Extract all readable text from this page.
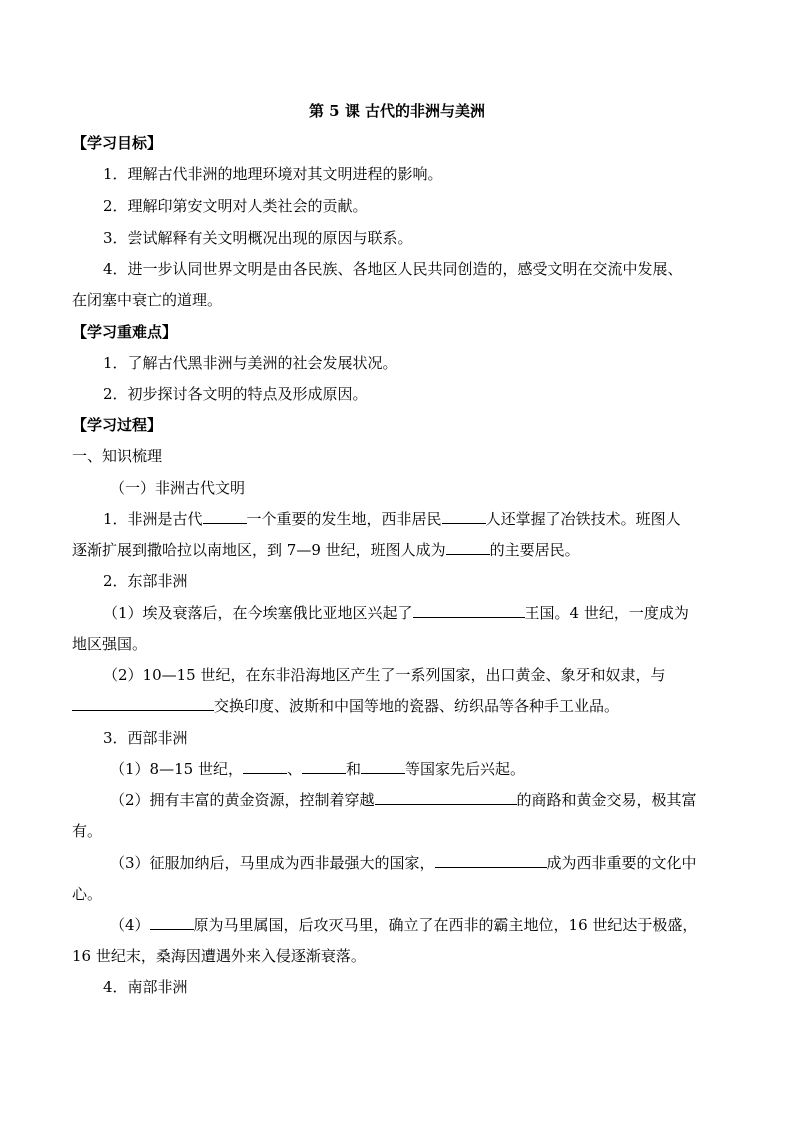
第 5 课 古代的非洲与美洲
【学习目标】
1．理解古代非洲的地理环境对其文明进程的影响。
2．理解印第安文明对人类社会的贡献。
3．尝试解释有关文明概况出现的原因与联系。
4．进一步认同世界文明是由各民族、各地区人民共同创造的，感受文明在交流中发展、
在闭塞中衰亡的道理。
【学习重难点】
1．了解古代黑非洲与美洲的社会发展状况。
2．初步探讨各文明的特点及形成原因。
【学习过程】
一、知识梳理
（一）非洲古代文明
1．非洲是古代	一个重要的发生地，西非居民	人还掌握了冶铁技术。班图人
逐渐扩展到撒哈拉以南地区，到 7—9 世纪，班图人成为	的主要居民。
2．东部非洲
（1）埃及衰落后，在今埃塞俄比亚地区兴起了	王国。4 世纪，一度成为
地区强国。
（2）10—15 世纪，在东非沿海地区产生了一系列国家，出口黄金、象牙和奴隶，与
交换印度、波斯和中国等地的瓷器、纺织品等各种手工业品。
3．西部非洲
（1）8—15 世纪，	、	和	等国家先后兴起。
（2）拥有丰富的黄金资源，控制着穿越	的商路和黄金交易，极其富
有。
（3）征服加纳后，马里成为西非最强大的国家，	成为西非重要的文化中
心。
（4）	原为马里属国，后攻灭马里，确立了在西非的霸主地位，16 世纪达于极盛，
16 世纪末，桑海因遭遇外来入侵逐渐衰落。
4．南部非洲
